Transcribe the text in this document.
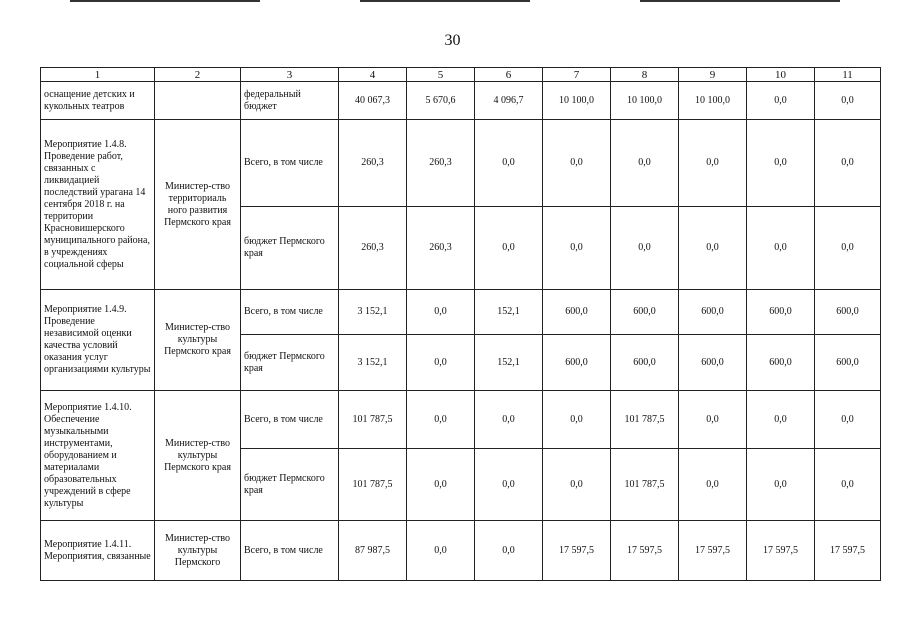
30
1	2	3	4	5	6	7	8	9	10	11
оснащение детских и кукольных театров		федеральный бюджет	40 067,3	5 670,6	4 096,7	10 100,0	10 100,0	10 100,0	0,0	0,0
Мероприятие 1.4.8. Проведение работ, связанных с ликвидацией последствий урагана 14 сентября 2018 г. на территории Красновишерского муниципального района, в учреждениях социальной сферы	Министер-ство территориаль ного развития Пермского края	Всего, в том числе	260,3	260,3	0,0	0,0	0,0	0,0	0,0	0,0
		бюджет Пермского края	260,3	260,3	0,0	0,0	0,0	0,0	0,0	0,0
Мероприятие 1.4.9. Проведение независимой оценки качества условий оказания услуг организациями культуры	Министер-ство культуры Пермского края	Всего, в том числе	3 152,1	0,0	152,1	600,0	600,0	600,0	600,0	600,0
		бюджет Пермского края	3 152,1	0,0	152,1	600,0	600,0	600,0	600,0	600,0
Мероприятие 1.4.10. Обеспечение музыкальными инструментами, оборудованием и материалами образовательных учреждений в сфере культуры	Министер-ство культуры Пермского края	Всего, в том числе	101 787,5	0,0	0,0	0,0	101 787,5	0,0	0,0	0,0
		бюджет Пермского края	101 787,5	0,0	0,0	0,0	101 787,5	0,0	0,0	0,0
Мероприятие 1.4.11. Мероприятия, связанные	Министер-ство культуры Пермского	Всего, в том числе	87 987,5	0,0	0,0	17 597,5	17 597,5	17 597,5	17 597,5	17 597,5
